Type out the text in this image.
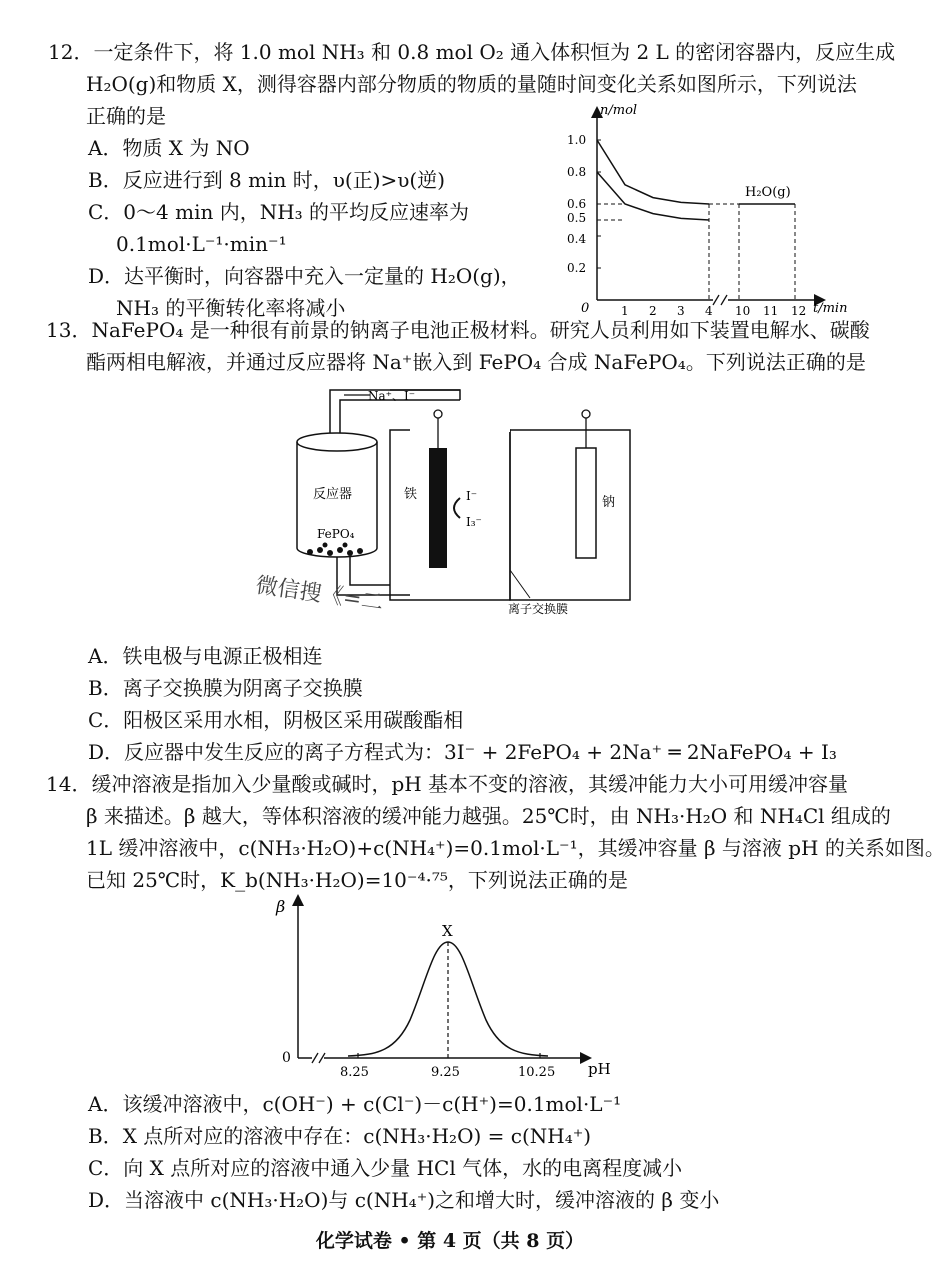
12．一定条件下，将 1.0 mol NH₃ 和 0.8 mol O₂ 通入体积恒为 2 L 的密闭容器内，反应生成
H₂O(g)和物质 X，测得容器内部分物质的物质的量随时间变化关系如图所示，下列说法
正确的是
A．物质 X 为 NO
B．反应进行到 8 min 时，υ(正)>υ(逆)
C．0～4 min 内，NH₃ 的平均反应速率为
0.1mol·L⁻¹·min⁻¹
D．达平衡时，向容器中充入一定量的 H₂O(g)，
NH₃ 的平衡转化率将减小
n/mol
t/min
0
1.0
0.8
0.6
0.5
0.4
0.2
1 2 3 4 10 11 12
H₂O(g)
13．NaFePO₄ 是一种很有前景的钠离子电池正极材料。研究人员利用如下装置电解水、碳酸
酯两相电解液，并通过反应器将 Na⁺嵌入到 FePO₄ 合成 NaFePO₄。下列说法正确的是
Na⁺、I⁻
反应器
FePO₄
铁	I⁻
I₃⁻
钠
离子交换膜
微信搜《=二
A．铁电极与电源正极相连
B．离子交换膜为阴离子交换膜
C．阳极区采用水相，阴极区采用碳酸酯相
D．反应器中发生反应的离子方程式为：3I⁻ + 2FePO₄ + 2Na⁺ ═ 2NaFePO₄ + I₃
14．缓冲溶液是指加入少量酸或碱时，pH 基本不变的溶液，其缓冲能力大小可用缓冲容量
β 来描述。β 越大，等体积溶液的缓冲能力越强。25℃时，由 NH₃·H₂O 和 NH₄Cl 组成的
1L 缓冲溶液中，c(NH₃·H₂O)+c(NH₄⁺)=0.1mol·L⁻¹，其缓冲容量 β 与溶液 pH 的关系如图。
已知 25℃时，K_b(NH₃·H₂O)=10⁻⁴·⁷⁵，下列说法正确的是
β
pH
0
X
8.25	9.25	10.25
A．该缓冲溶液中，c(OH⁻) + c(Cl⁻)－c(H⁺)=0.1mol·L⁻¹
B．X 点所对应的溶液中存在：c(NH₃·H₂O) = c(NH₄⁺)
C．向 X 点所对应的溶液中通入少量 HCl 气体，水的电离程度减小
D．当溶液中 c(NH₃·H₂O)与 c(NH₄⁺)之和增大时，缓冲溶液的 β 变小
化学试卷 • 第 4 页（共 8 页）
